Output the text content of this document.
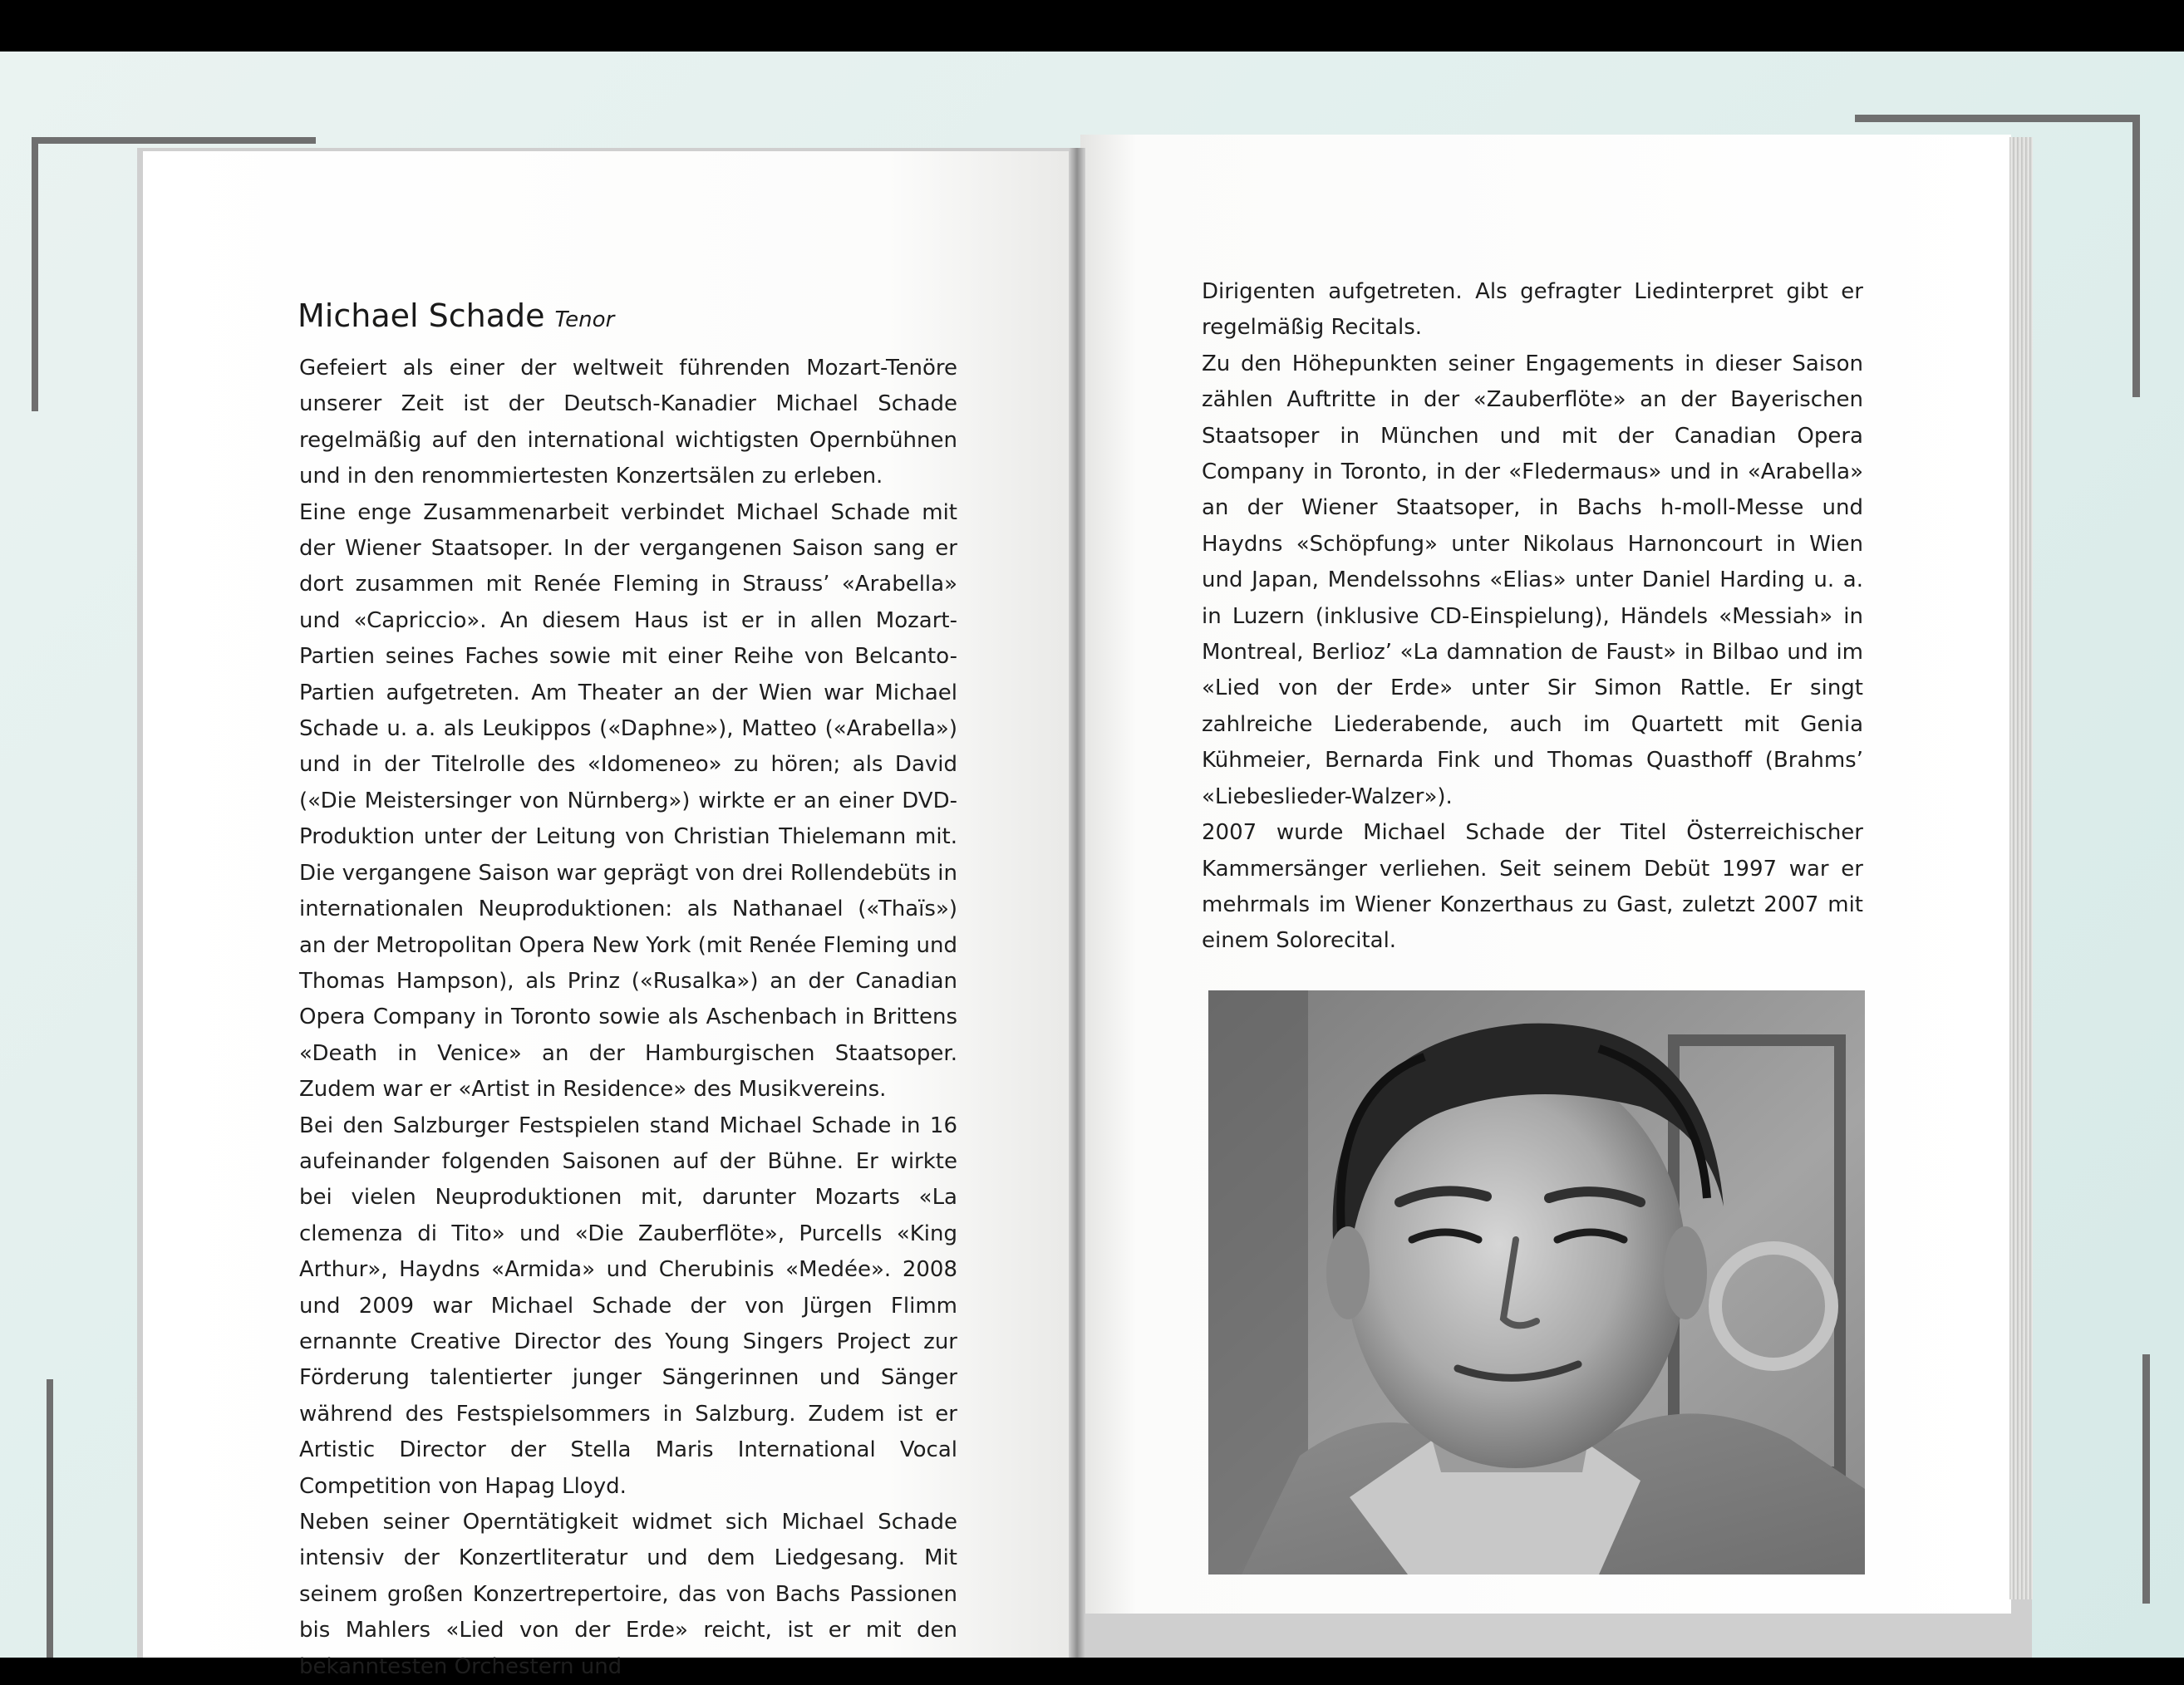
Michael Schade Tenor

Gefeiert als einer der weltweit führenden Mozart-Tenöre unserer Zeit ist der Deutsch-Kanadier Michael Schade regelmäßig auf den international wichtigsten Opernbühnen und in den renommiertesten Konzertsälen zu erleben.

Eine enge Zusammenarbeit verbindet Michael Schade mit der Wiener Staatsoper. In der vergangenen Saison sang er dort zusammen mit Renée Fleming in Strauss’ «Arabella» und «Capriccio». An diesem Haus ist er in allen Mozart-Partien seines Faches sowie mit einer Reihe von Belcanto-Partien aufgetreten. Am Theater an der Wien war Michael Schade u. a. als Leukippos («Daphne»), Matteo («Arabella») und in der Titelrolle des «Idomeneo» zu hören; als David («Die Meistersinger von Nürnberg») wirkte er an einer DVD-Produktion unter der Leitung von Christian Thielemann mit. Die vergangene Saison war geprägt von drei Rollendebüts in internationalen Neuproduktionen: als Nathanael («Thaïs») an der Metropolitan Opera New York (mit Renée Fleming und Thomas Hampson), als Prinz («Rusalka») an der Canadian Opera Company in Toronto sowie als Aschenbach in Brittens «Death in Venice» an der Hamburgischen Staatsoper. Zudem war er «Artist in Residence» des Musikvereins.

Bei den Salzburger Festspielen stand Michael Schade in 16 aufeinander folgenden Saisonen auf der Bühne. Er wirkte bei vielen Neuproduktionen mit, darunter Mozarts «La clemenza di Tito» und «Die Zauberflöte», Purcells «King Arthur», Haydns «Armida» und Cherubinis «Medée». 2008 und 2009 war Michael Schade der von Jürgen Flimm ernannte Creative Director des Young Singers Project zur Förderung talentierter junger Sängerinnen und Sänger während des Festspielsommers in Salzburg. Zudem ist er Artistic Director der Stella Maris International Vocal Competition von Hapag Lloyd.

Neben seiner Operntätigkeit widmet sich Michael Schade intensiv der Konzertliteratur und dem Liedgesang. Mit seinem großen Konzertrepertoire, das von Bachs Passionen bis Mahlers «Lied von der Erde» reicht, ist er mit den bekanntesten Orchestern und

Dirigenten aufgetreten. Als gefragter Liedinterpret gibt er regelmäßig Recitals.

Zu den Höhepunkten seiner Engagements in dieser Saison zählen Auftritte in der «Zauberflöte» an der Bayerischen Staatsoper in München und mit der Canadian Opera Company in Toronto, in der «Fledermaus» und in «Arabella» an der Wiener Staatsoper, in Bachs h-moll-Messe und Haydns «Schöpfung» unter Nikolaus Harnoncourt in Wien und Japan, Mendelssohns «Elias» unter Daniel Harding u. a. in Luzern (inklusive CD-Einspielung), Händels «Messiah» in Montreal, Berlioz’ «La damnation de Faust» in Bilbao und im «Lied von der Erde» unter Sir Simon Rattle. Er singt zahlreiche Liederabende, auch im Quartett mit Genia Kühmeier, Bernarda Fink und Thomas Quasthoff (Brahms’ «Liebeslieder-Walzer»).

2007 wurde Michael Schade der Titel Österreichischer Kammersänger verliehen. Seit seinem Debüt 1997 war er mehrmals im Wiener Konzerthaus zu Gast, zuletzt 2007 mit einem Solorecital.
